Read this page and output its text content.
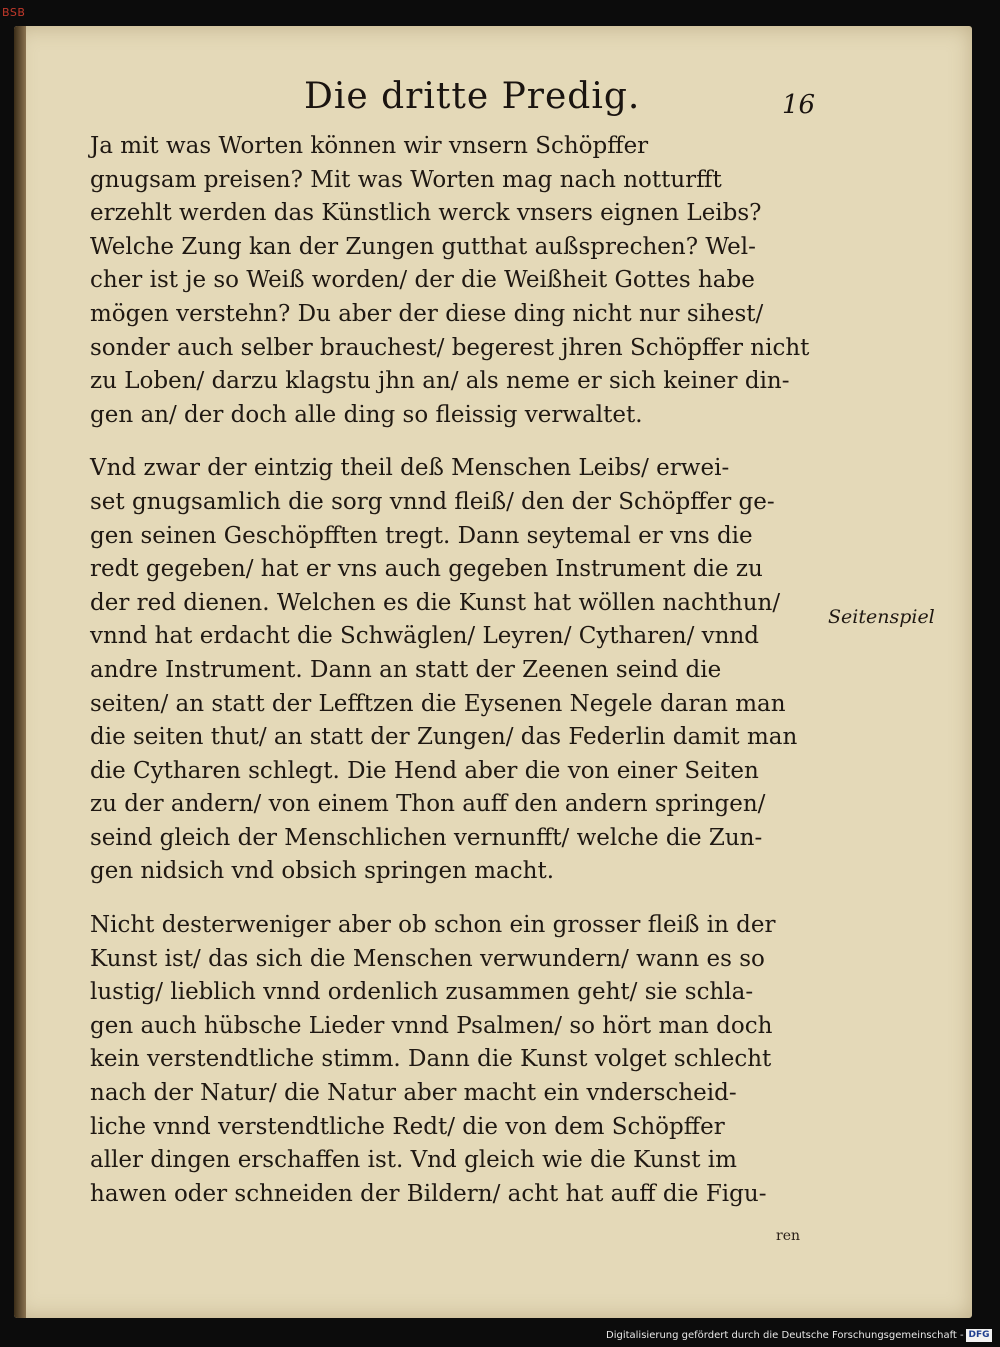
BSB
Die dritte Predig.	16
Ja mit was Worten können wir vnsern Schöpffer
gnugsam preisen? Mit was Worten mag nach notturfft
erzehlt werden das Künstlich werck vnsers eignen Leibs?
Welche Zung kan der Zungen gutthat außsprechen? Wel-
cher ist je so Weiß worden/ der die Weißheit Gottes habe
mögen verstehn? Du aber der diese ding nicht nur sihest/
sonder auch selber brauchest/ begerest jhren Schöpffer nicht
zu Loben/ darzu klagstu jhn an/ als neme er sich keiner din-
gen an/ der doch alle ding so fleissig verwaltet.
Vnd zwar der eintzig theil deß Menschen Leibs/ erwei-
set gnugsamlich die sorg vnnd fleiß/ den der Schöpffer ge-
gen seinen Geschöpfften tregt. Dann seytemal er vns die
redt gegeben/ hat er vns auch gegeben Instrument die zu
der red dienen. Welchen es die Kunst hat wöllen nachthun/
vnnd hat erdacht die Schwäglen/ Leyren/ Cytharen/ vnnd
andre Instrument. Dann an statt der Zeenen seind die
seiten/ an statt der Lefftzen die Eysenen Negele daran man
die seiten thut/ an statt der Zungen/ das Federlin damit man
die Cytharen schlegt. Die Hend aber die von einer Seiten
zu der andern/ von einem Thon auff den andern springen/
seind gleich der Menschlichen vernunfft/ welche die Zun-
gen nidsich vnd obsich springen macht.
Nicht desterweniger aber ob schon ein grosser fleiß in der
Kunst ist/ das sich die Menschen verwundern/ wann es so
lustig/ lieblich vnnd ordenlich zusammen geht/ sie schla-
gen auch hübsche Lieder vnnd Psalmen/ so hört man doch
kein verstendtliche stimm. Dann die Kunst volget schlecht
nach der Natur/ die Natur aber macht ein vnderscheid-
liche vnnd verstendtliche Redt/ die von dem Schöpffer
aller dingen erschaffen ist. Vnd gleich wie die Kunst im
hawen oder schneiden der Bildern/ acht hat auff die Figu-
Seitenspiel
ren
Digitalisierung gefördert durch die Deutsche Forschungsgemeinschaft - DFG
